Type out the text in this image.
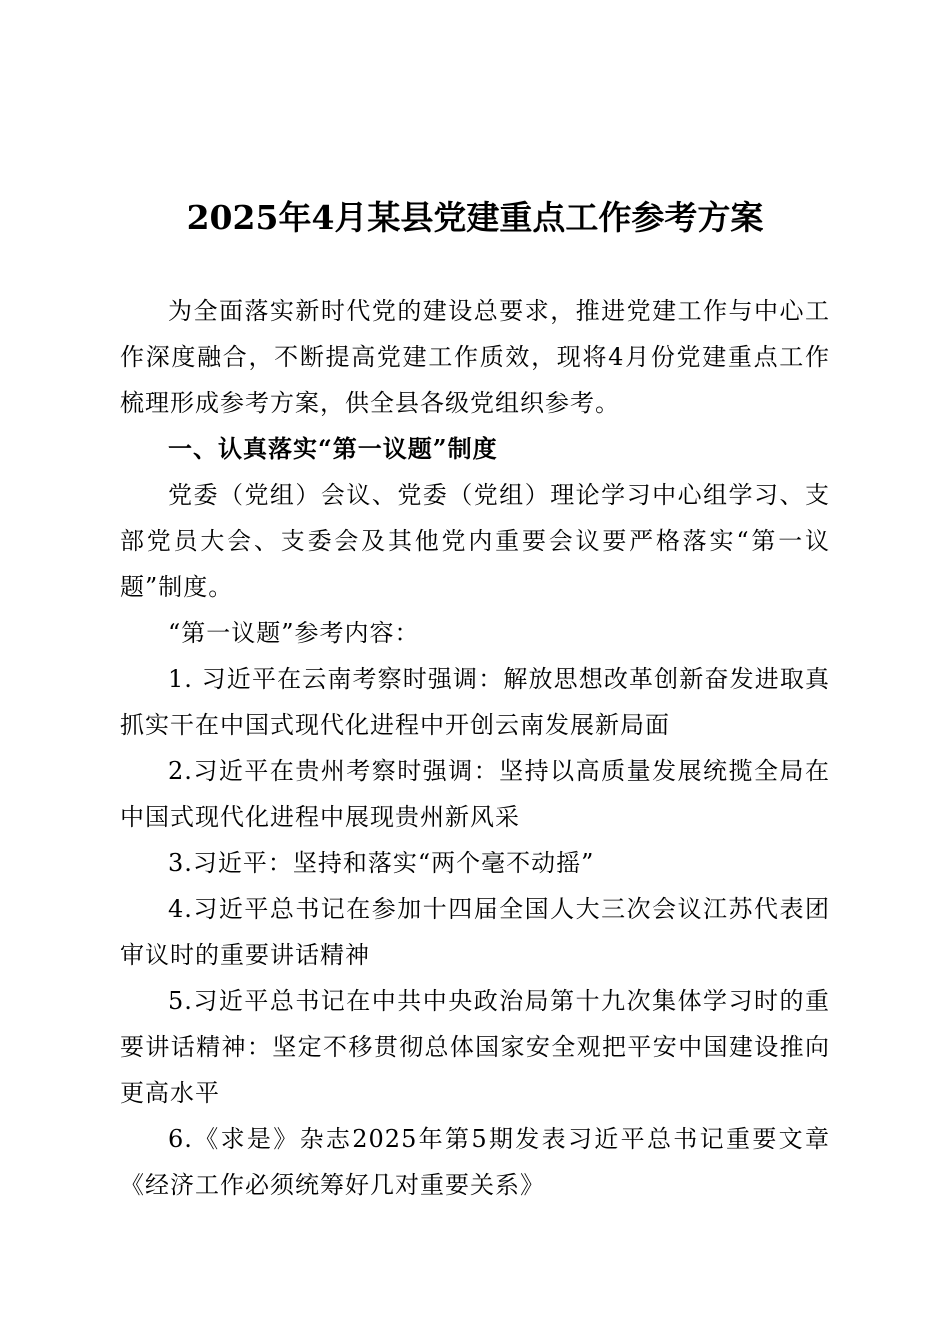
2025年4月某县党建重点工作参考方案

为全面落实新时代党的建设总要求，推进党建工作与中心工作深度融合，不断提高党建工作质效，现将4月份党建重点工作梳理形成参考方案，供全县各级党组织参考。

一、认真落实“第一议题”制度

党委（党组）会议、党委（党组）理论学习中心组学习、支部党员大会、支委会及其他党内重要会议要严格落实“第一议题”制度。

“第一议题”参考内容：

1. 习近平在云南考察时强调：解放思想改革创新奋发进取真抓实干在中国式现代化进程中开创云南发展新局面

2.习近平在贵州考察时强调：坚持以高质量发展统揽全局在中国式现代化进程中展现贵州新风采

3.习近平：坚持和落实“两个毫不动摇”

4.习近平总书记在参加十四届全国人大三次会议江苏代表团审议时的重要讲话精神

5.习近平总书记在中共中央政治局第十九次集体学习时的重要讲话精神：坚定不移贯彻总体国家安全观把平安中国建设推向更高水平

6.《求是》杂志2025年第5期发表习近平总书记重要文章《经济工作必须统筹好几对重要关系》
